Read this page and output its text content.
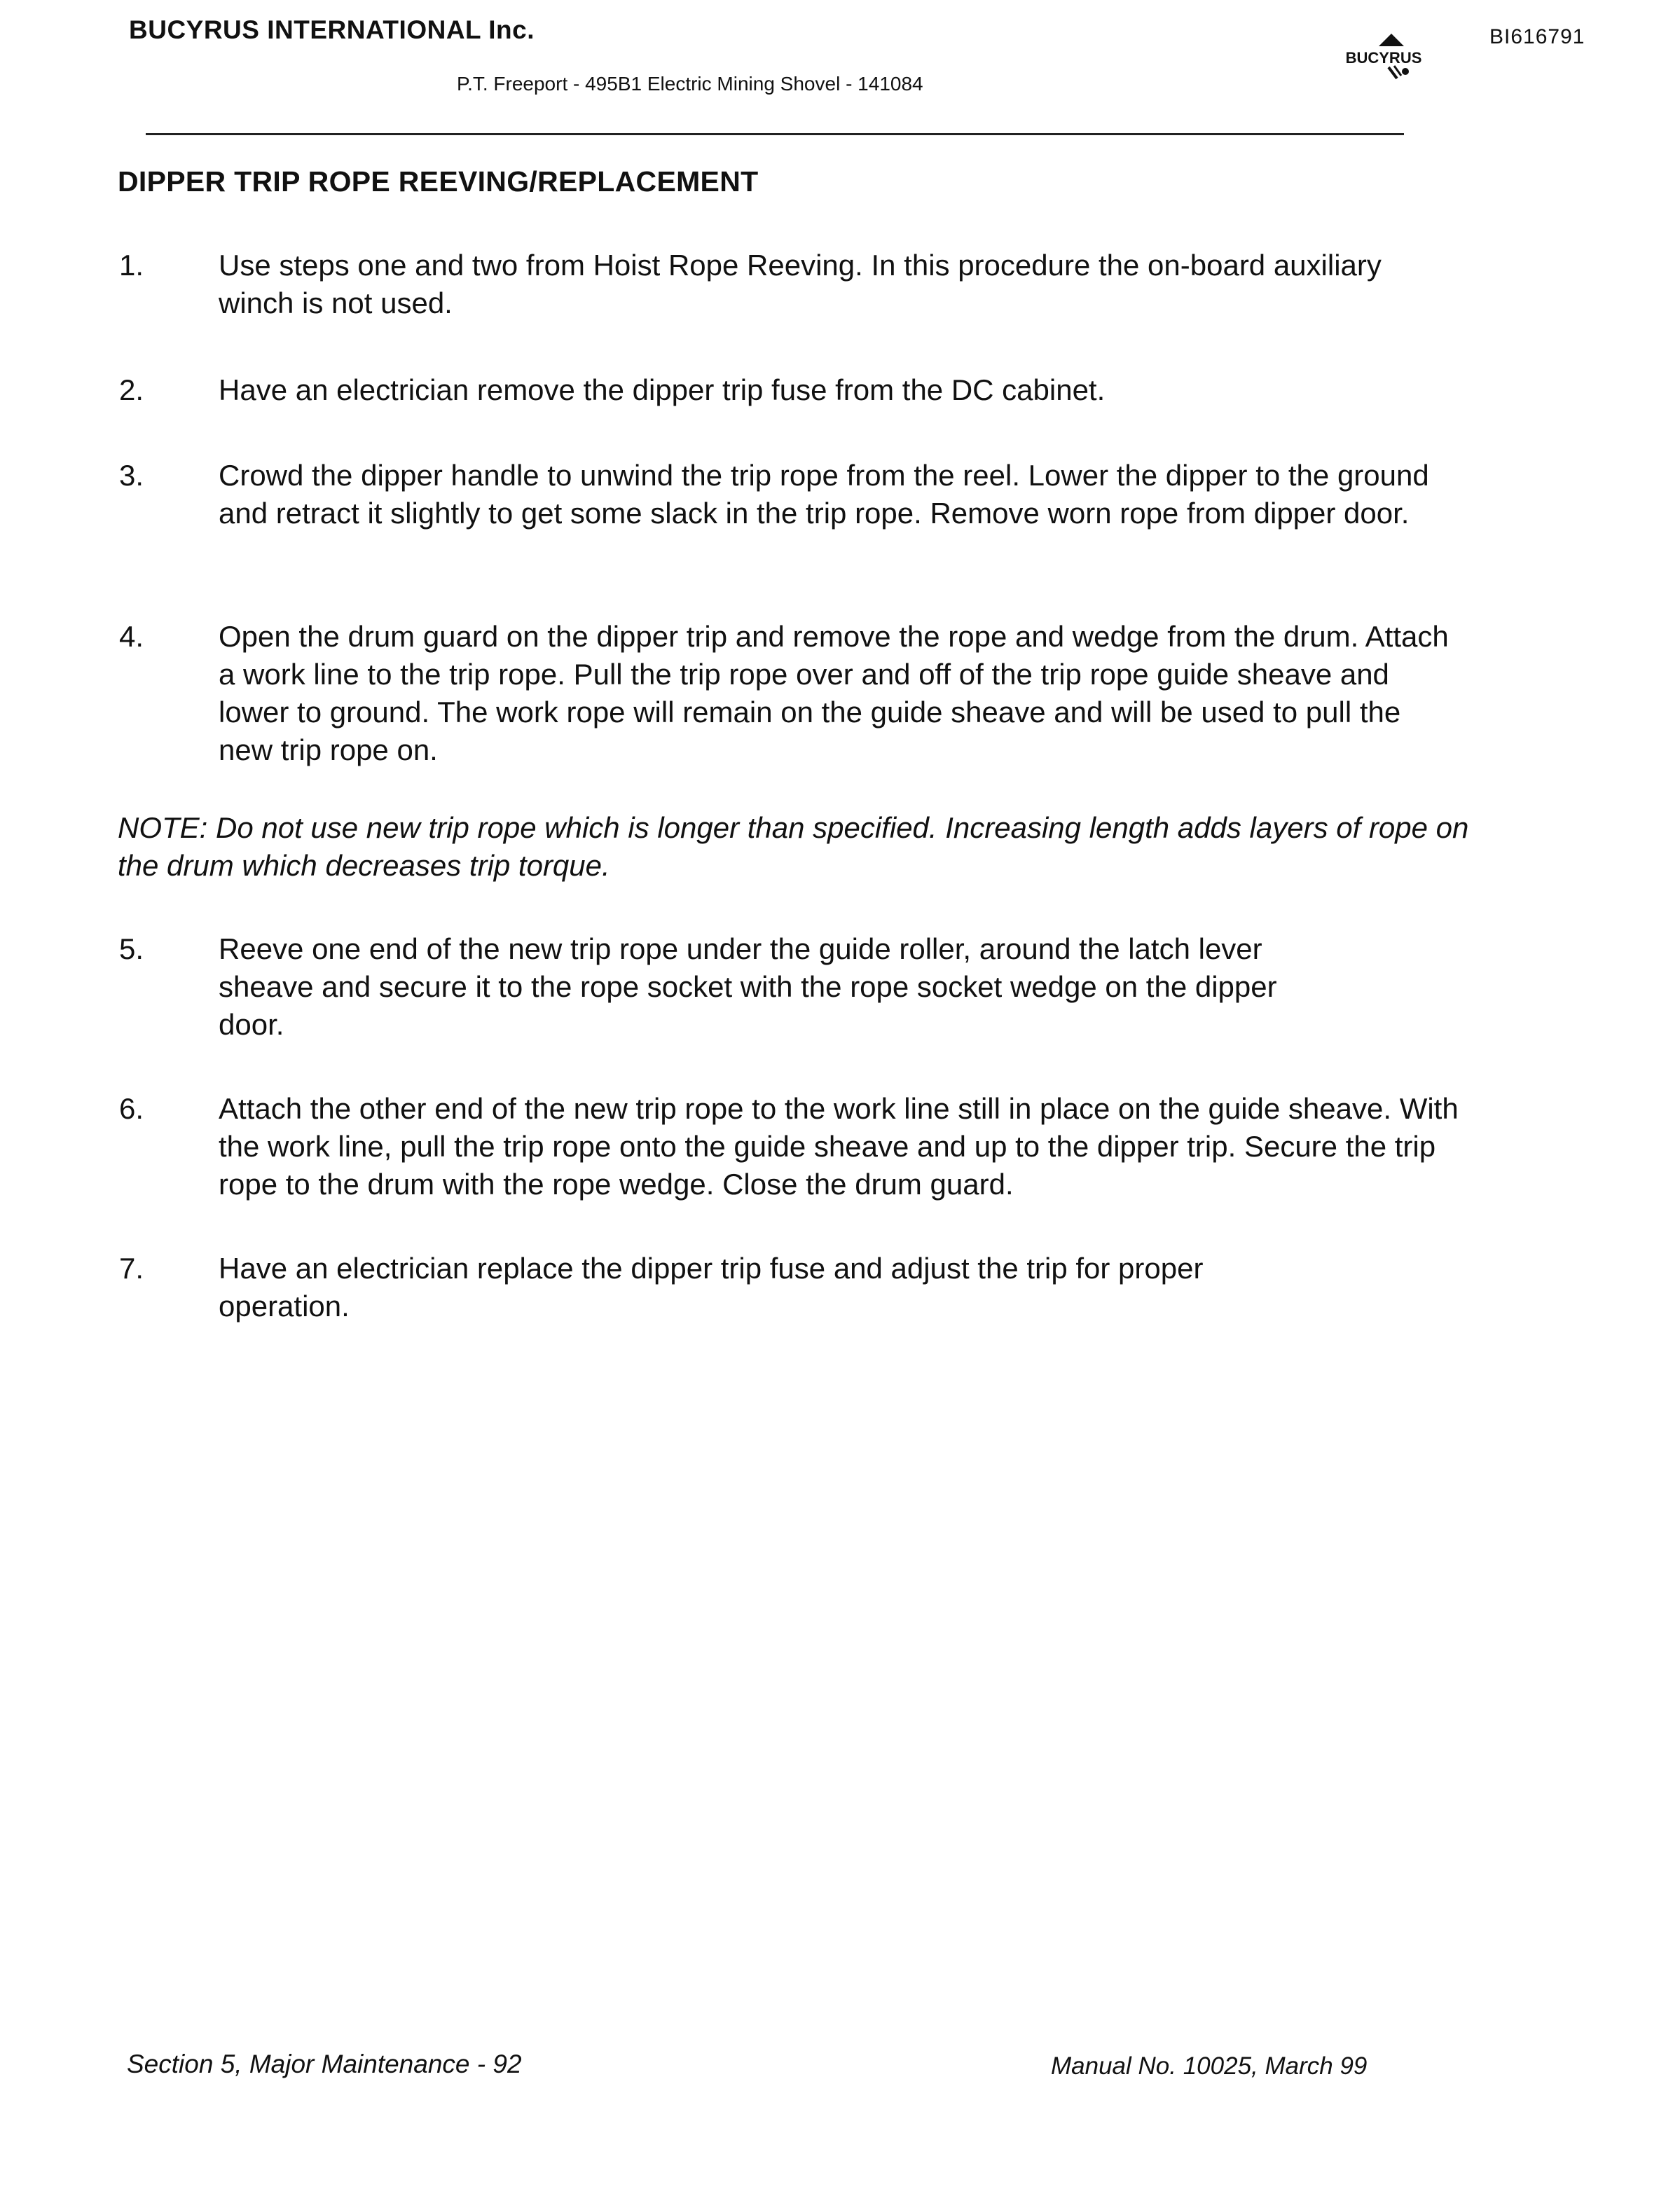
BUCYRUS INTERNATIONAL Inc.
P.T. Freeport - 495B1 Electric Mining Shovel - 141084
BI616791
BUCYRUS
DIPPER TRIP ROPE REEVING/REPLACEMENT
1.	Use steps one and two from Hoist Rope Reeving. In this procedure the on-board auxiliary winch is not used.
2.	Have an electrician remove the dipper trip fuse from the DC cabinet.
3.	Crowd the dipper handle to unwind the trip rope from the reel. Lower the dipper to the ground and retract it slightly to get some slack in the trip rope. Remove worn rope from dipper door.
4.	Open the drum guard on the dipper trip and remove the rope and wedge from the drum. Attach a work line to the trip rope. Pull the trip rope over and off of the trip rope guide sheave and lower to ground. The work rope will remain on the guide sheave and will be used to pull the new trip rope on.
NOTE: Do not use new trip rope which is longer than specified. Increasing length adds layers of rope on the drum which decreases trip torque.
5.	Reeve one end of the new trip rope under the guide roller, around the latch lever sheave and secure it to the rope socket with the rope socket wedge on the dipper door.
6.	Attach the other end of the new trip rope to the work line still in place on the guide sheave. With the work line, pull the trip rope onto the guide sheave and up to the dipper trip. Secure the trip rope to the drum with the rope wedge. Close the drum guard.
7.	Have an electrician replace the dipper trip fuse and adjust the trip for proper operation.
Section 5, Major Maintenance - 92	Manual No. 10025, March 99
